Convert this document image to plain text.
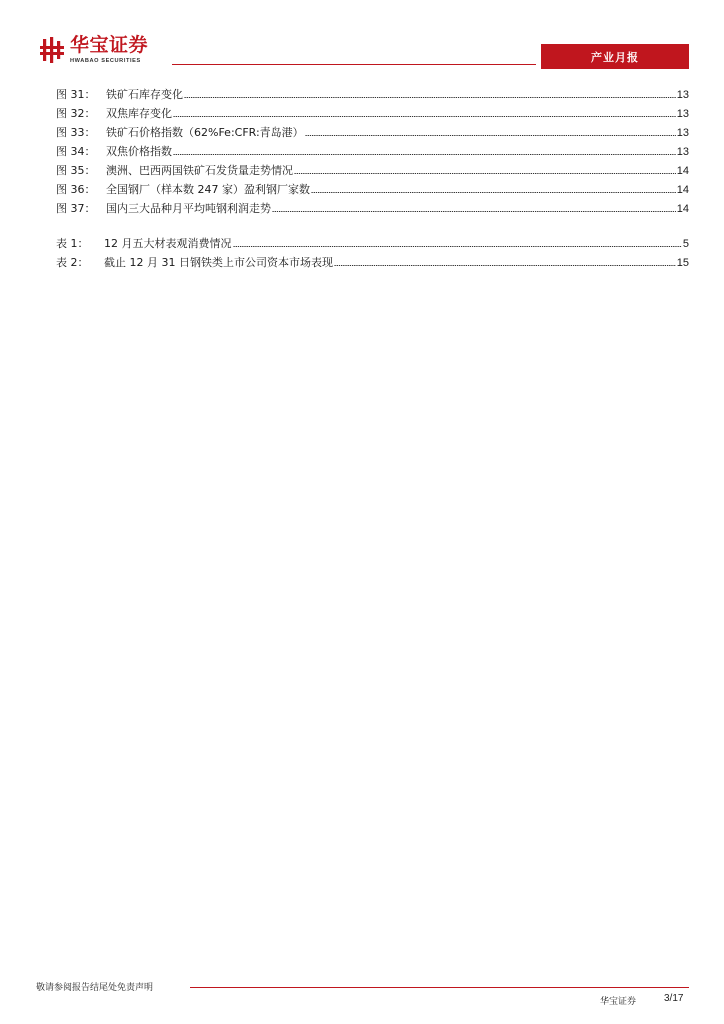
华宝证券
HWABAO SECURITIES	产业月报
图 31： 铁矿石库存变化	13
图 32： 双焦库存变化	13
图 33： 铁矿石价格指数（62%Fe:CFR:青岛港）	13
图 34： 双焦价格指数	13
图 35： 澳洲、巴西两国铁矿石发货量走势情况	14
图 36： 全国钢厂（样本数 247 家）盈利钢厂家数	14
图 37： 国内三大品种月平均吨钢利润走势	14
表 1：	12 月五大材表观消费情况	5
表 2：	截止 12 月 31 日钢铁类上市公司资本市场表现	15
敬请参阅报告结尾处免责声明
华宝证券	3/17
